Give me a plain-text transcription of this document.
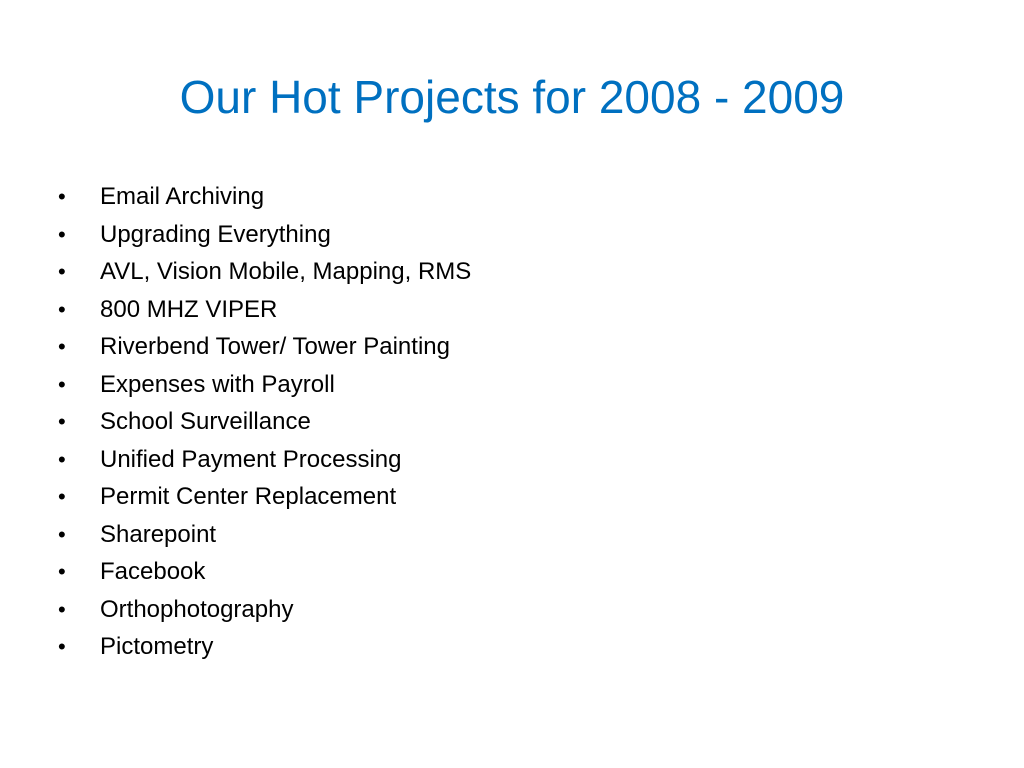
Our Hot Projects for 2008 - 2009
• Email Archiving
• Upgrading Everything
• AVL, Vision Mobile, Mapping, RMS
• 800 MHZ VIPER
• Riverbend Tower/ Tower Painting
• Expenses with Payroll
• School Surveillance
• Unified Payment Processing
• Permit Center Replacement
• Sharepoint
• Facebook
• Orthophotography
• Pictometry
